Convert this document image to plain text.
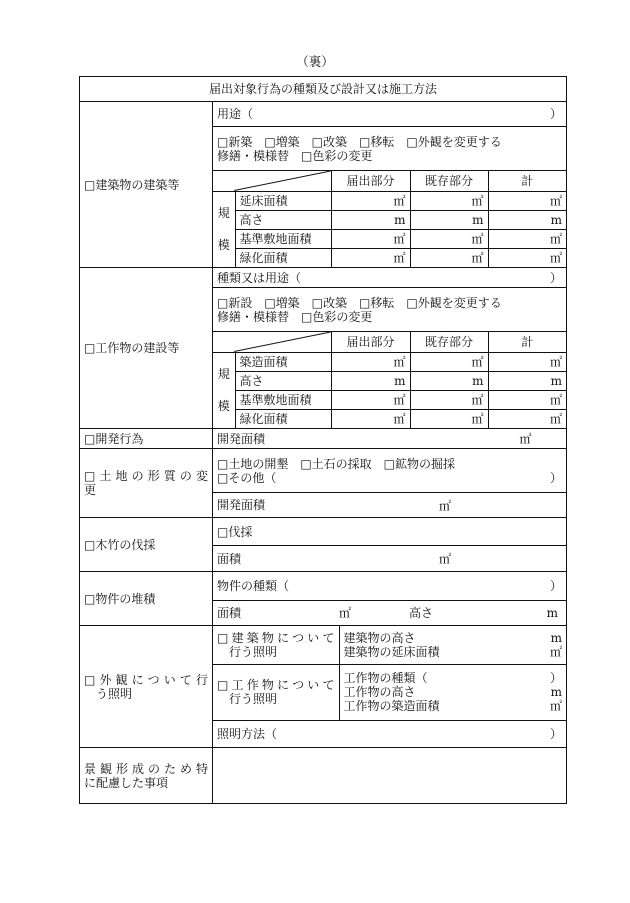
（裏）
届出対象行為の種類及び設計又は施工方法
□建築物の建築等	
用途（	）

□新築　□増築　□改築　□移転　□外観を変更する
修繕・模様替　□色彩の変更

	届出部分	既存部分	計

規
模
	延床面積	㎡	㎡	㎡
高さ	m	m	m
基準敷地面積	㎡	㎡	㎡
緑化面積	㎡	㎡	㎡

□工作物の建設等	
種類又は用途（	）

□新設　□増築　□改築　□移転　□外観を変更する
修繕・模様替　□色彩の変更

	届出部分	既存部分	計

規
模
	築造面積	㎡	㎡	㎡
高さ	m	m	m
基準敷地面積	㎡	㎡	㎡
緑化面積	㎡	㎡	㎡

□開発行為	開発面積	㎡

□土地の形質の変
更

□土地の開墾　□土石の採取　□鉱物の掘採
□その他（	）

開発面積	㎡

□木竹の伐採	□伐採
面積	㎡

□物件の堆積	
物件の種類（	）

面積	㎡	高さ	m

□外観について行
う照明

□建築物について
行う照明

建築物の高さ	m
建築物の延床面積	㎡

□工作物について
行う照明

工作物の種類（	）
工作物の高さ	m
工作物の築造面積	㎡

照明方法（	）

景観形成のため特
に配慮した事項
